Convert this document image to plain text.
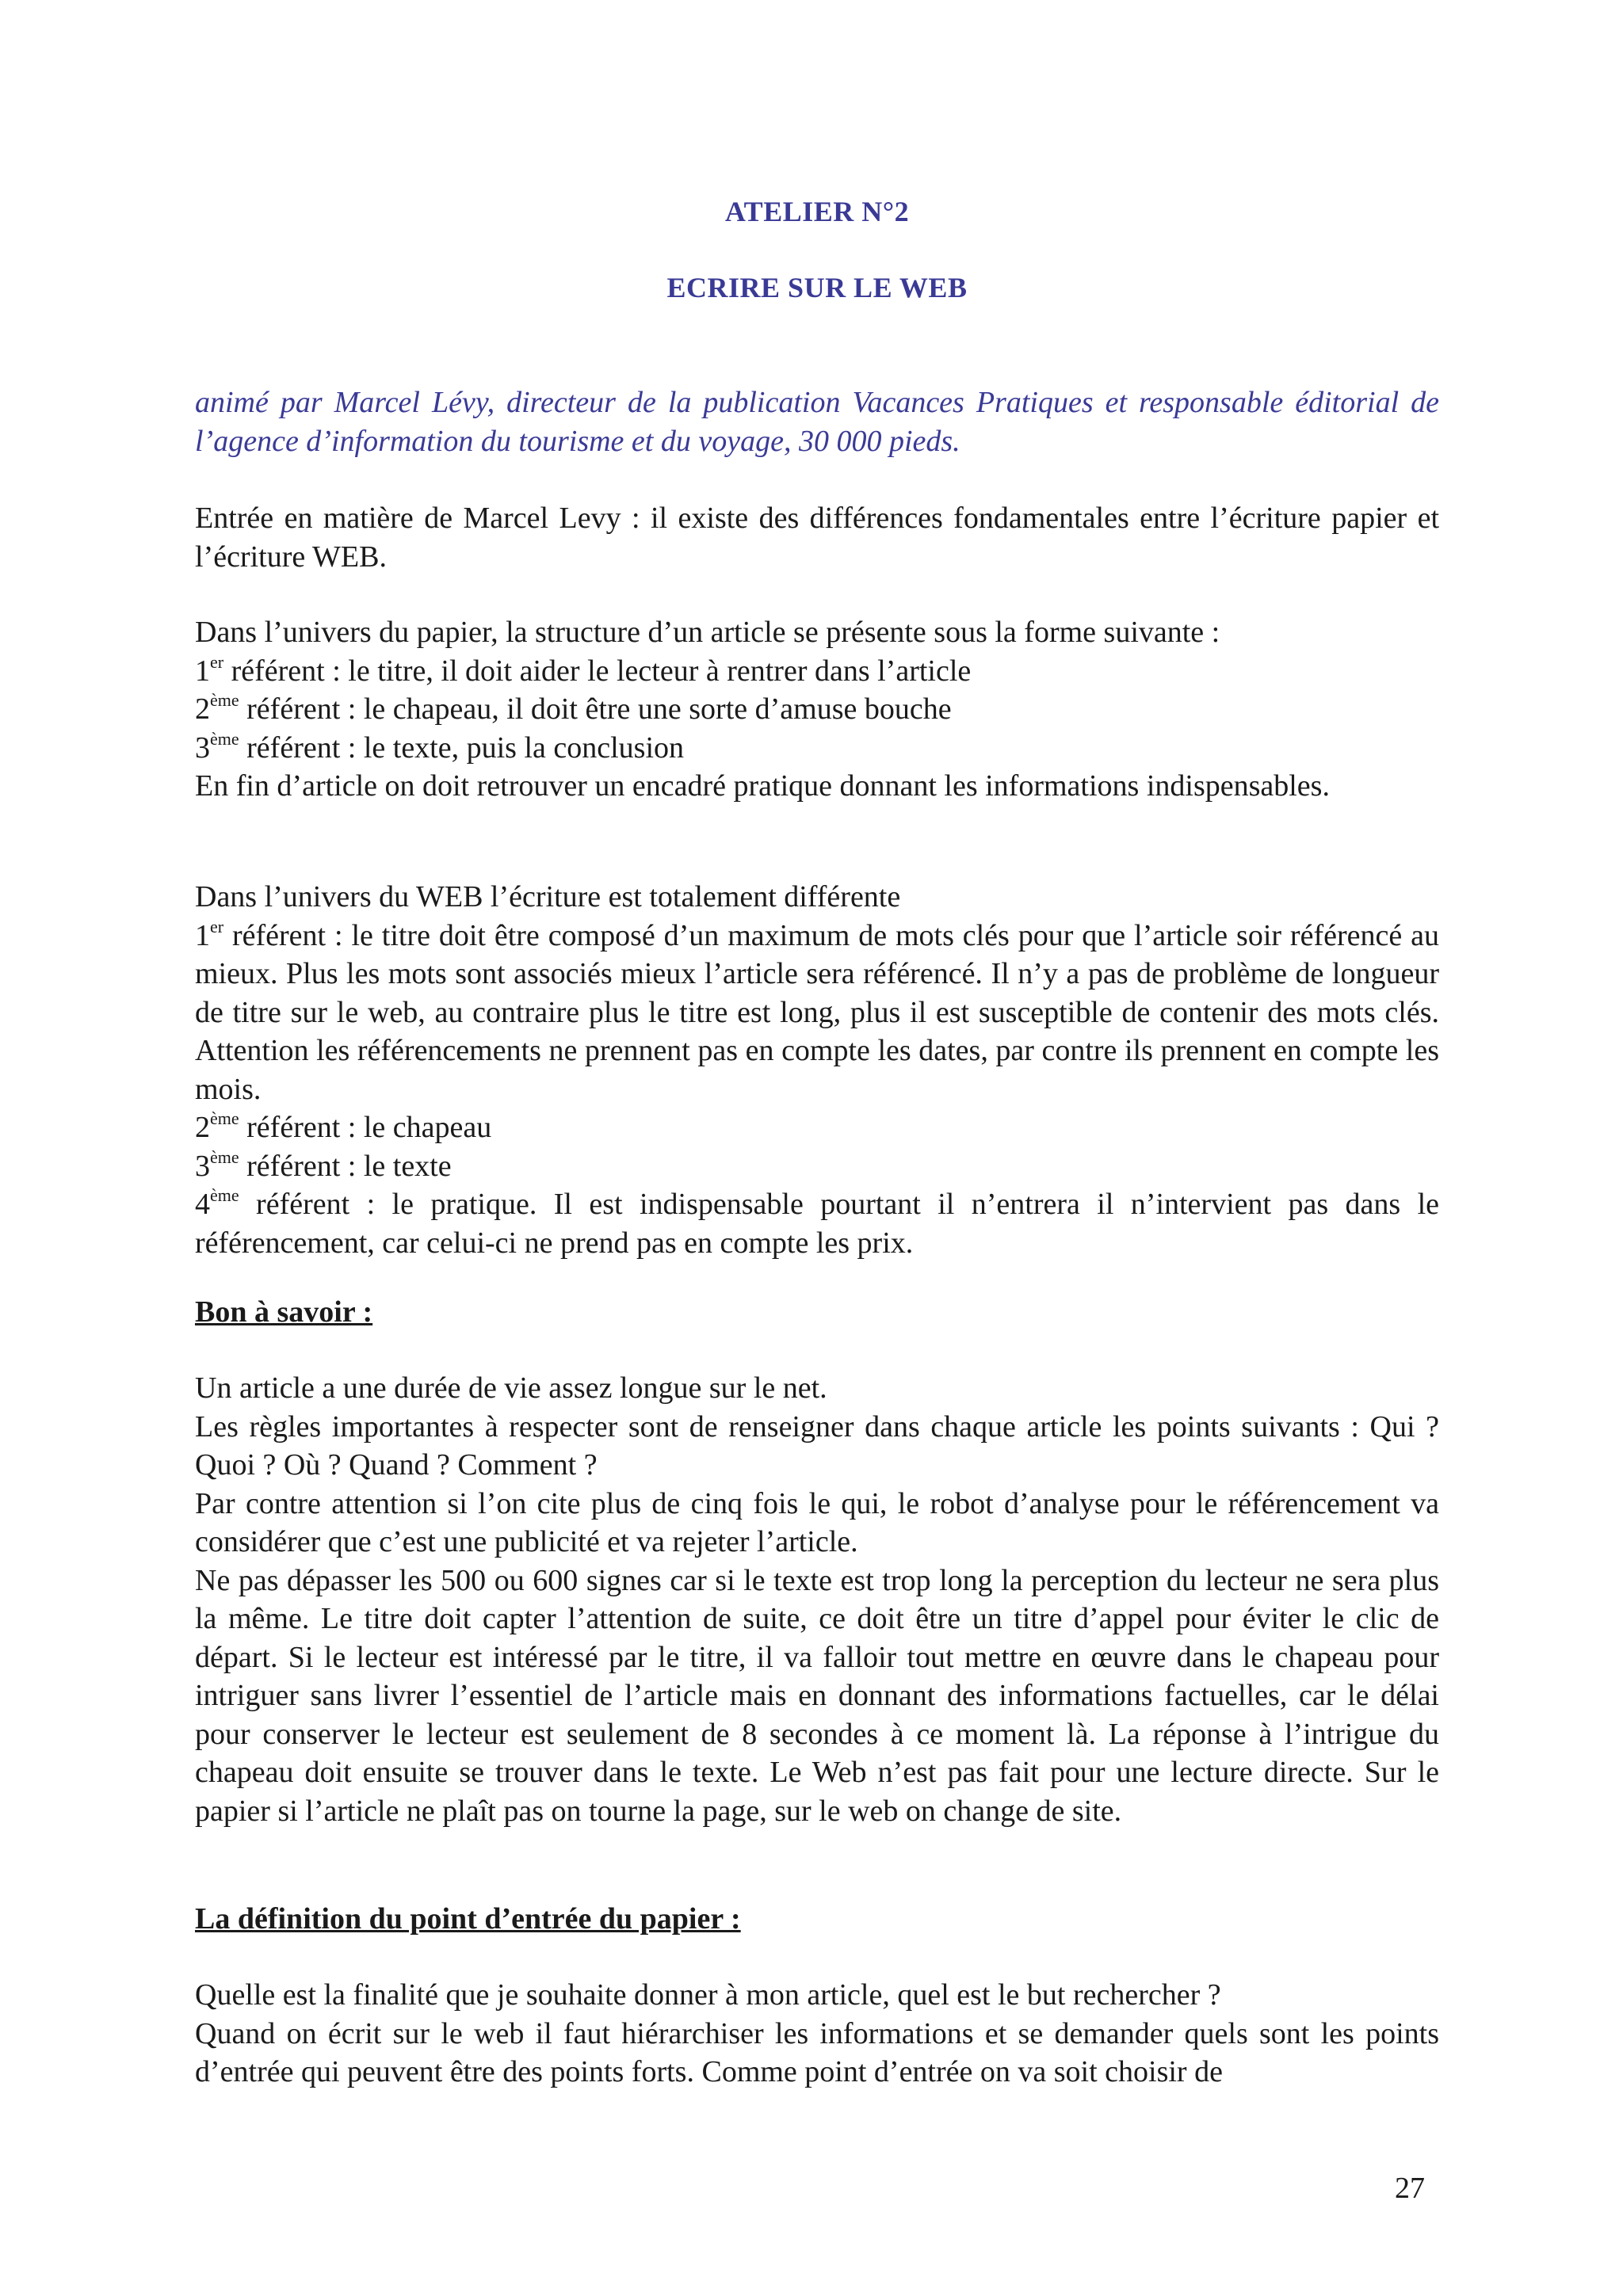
ATELIER N°2
ECRIRE SUR LE WEB
animé par Marcel Lévy, directeur de la publication Vacances Pratiques et responsable éditorial de l’agence d’information du tourisme et du voyage, 30 000 pieds.

Entrée en matière de Marcel Levy : il existe des différences fondamentales entre l’écriture papier et l’écriture WEB.

Dans l’univers du papier, la structure d’un article se présente sous la forme suivante :

1er référent : le titre, il doit aider le lecteur à rentrer dans l’article

2ème référent : le chapeau, il doit être une sorte d’amuse bouche

3ème référent : le texte, puis la conclusion

En fin d’article on doit retrouver un encadré pratique donnant les informations indispensables.

Dans l’univers du WEB l’écriture est totalement différente

1er référent : le titre doit être composé d’un maximum de mots clés pour que l’article soir référencé au mieux. Plus les mots sont associés mieux l’article sera référencé. Il n’y a pas de problème de longueur de titre sur le web, au contraire plus le titre est long, plus il est susceptible de contenir des mots clés. Attention les référencements ne prennent pas en compte les dates, par contre ils prennent en compte les mois.

2ème référent : le chapeau

3ème référent : le texte

4ème référent : le pratique. Il est indispensable pourtant il n’entrera il n’intervient pas dans le référencement, car celui-ci ne prend pas en compte les prix.

Bon à savoir :

Un article a une durée de vie assez longue sur le net.

Les règles importantes à respecter sont de renseigner dans chaque article les points suivants : Qui ? Quoi ? Où ? Quand ? Comment ?

Par contre attention si l’on cite plus de cinq fois le qui, le robot d’analyse pour le référencement va considérer que c’est une publicité et va rejeter l’article.

Ne pas dépasser les 500 ou 600 signes car si le texte est trop long la perception du lecteur ne sera plus la même. Le titre doit capter l’attention de suite, ce doit être un titre d’appel pour éviter le clic de départ. Si le lecteur est intéressé par le titre, il va falloir tout mettre en œuvre dans le chapeau pour intriguer sans livrer l’essentiel de l’article mais en donnant des informations factuelles, car le délai pour conserver le lecteur est seulement de 8 secondes à ce moment là. La réponse à l’intrigue du chapeau doit ensuite se trouver dans le texte. Le Web n’est pas fait pour une lecture directe. Sur le papier si l’article ne plaît pas on tourne la page, sur le web on change de site.

La définition du point d’entrée du papier :

Quelle est la finalité que je souhaite donner à mon article, quel est le but rechercher ?

Quand on écrit sur le web il faut hiérarchiser les informations et se demander quels sont les points d’entrée qui peuvent être des points forts. Comme point d’entrée on va soit choisir de

27
